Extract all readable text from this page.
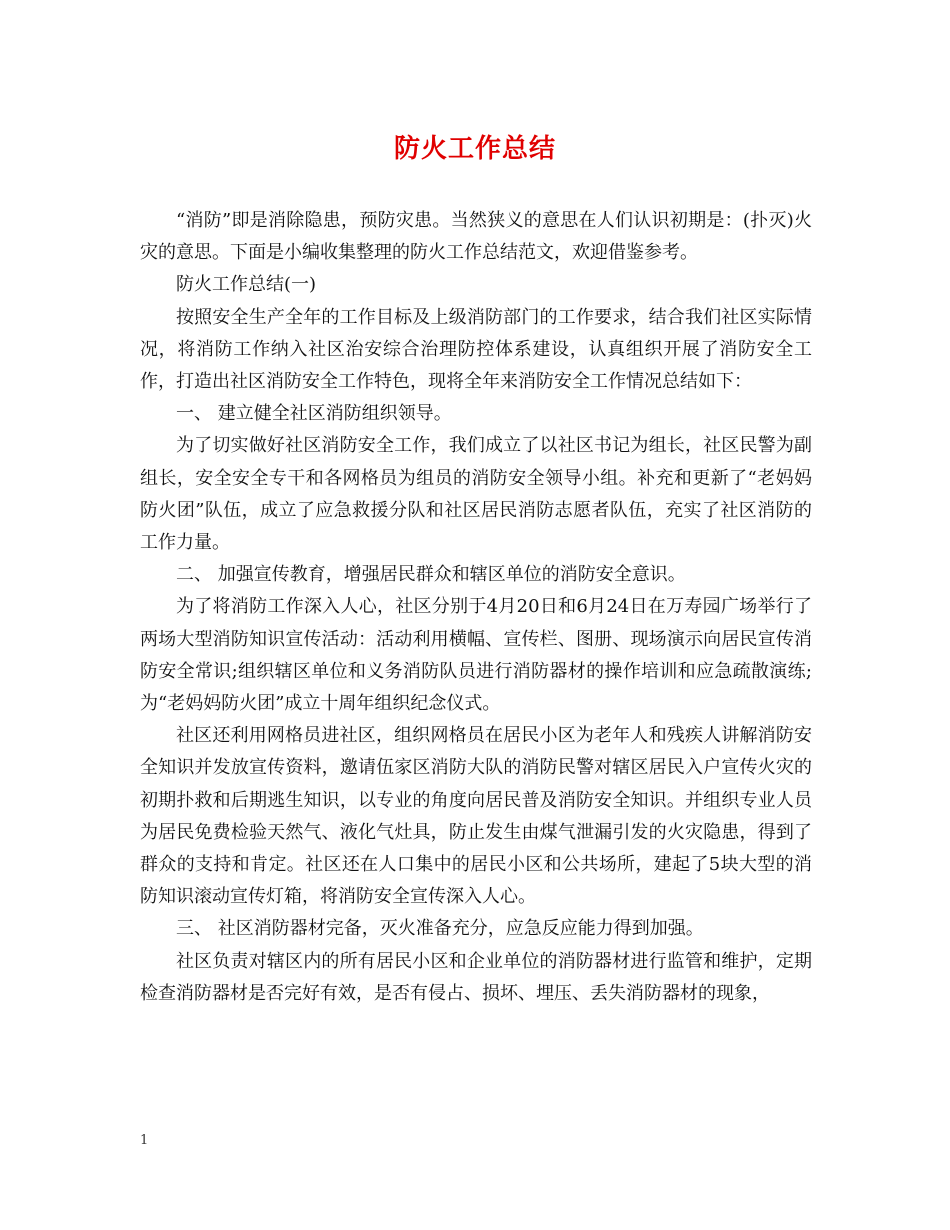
防火工作总结

“消防”即是消除隐患，预防灾患。当然狭义的意思在人们认识初期是：(扑灭)火灾的意思。下面是小编收集整理的防火工作总结范文，欢迎借鉴参考。

防火工作总结(一)

按照安全生产全年的工作目标及上级消防部门的工作要求，结合我们社区实际情况，将消防工作纳入社区治安综合治理防控体系建设，认真组织开展了消防安全工作，打造出社区消防安全工作特色，现将全年来消防安全工作情况总结如下：

一、 建立健全社区消防组织领导。

为了切实做好社区消防安全工作，我们成立了以社区书记为组长，社区民警为副组长，安全安全专干和各网格员为组员的消防安全领导小组。补充和更新了“老妈妈防火团”队伍，成立了应急救援分队和社区居民消防志愿者队伍，充实了社区消防的工作力量。

二、 加强宣传教育，增强居民群众和辖区单位的消防安全意识。

为了将消防工作深入人心，社区分别于4月20日和6月24日在万寿园广场举行了两场大型消防知识宣传活动：活动利用横幅、宣传栏、图册、现场演示向居民宣传消防安全常识;组织辖区单位和义务消防队员进行消防器材的操作培训和应急疏散演练;为“老妈妈防火团”成立十周年组织纪念仪式。

社区还利用网格员进社区，组织网格员在居民小区为老年人和残疾人讲解消防安全知识并发放宣传资料，邀请伍家区消防大队的消防民警对辖区居民入户宣传火灾的初期扑救和后期逃生知识，以专业的角度向居民普及消防安全知识。并组织专业人员为居民免费检验天然气、液化气灶具，防止发生由煤气泄漏引发的火灾隐患，得到了群众的支持和肯定。社区还在人口集中的居民小区和公共场所，建起了5块大型的消防知识滚动宣传灯箱，将消防安全宣传深入人心。

三、 社区消防器材完备，灭火准备充分，应急反应能力得到加强。

社区负责对辖区内的所有居民小区和企业单位的消防器材进行监管和维护，定期检查消防器材是否完好有效，是否有侵占、损坏、埋压、丢失消防器材的现象，

1
